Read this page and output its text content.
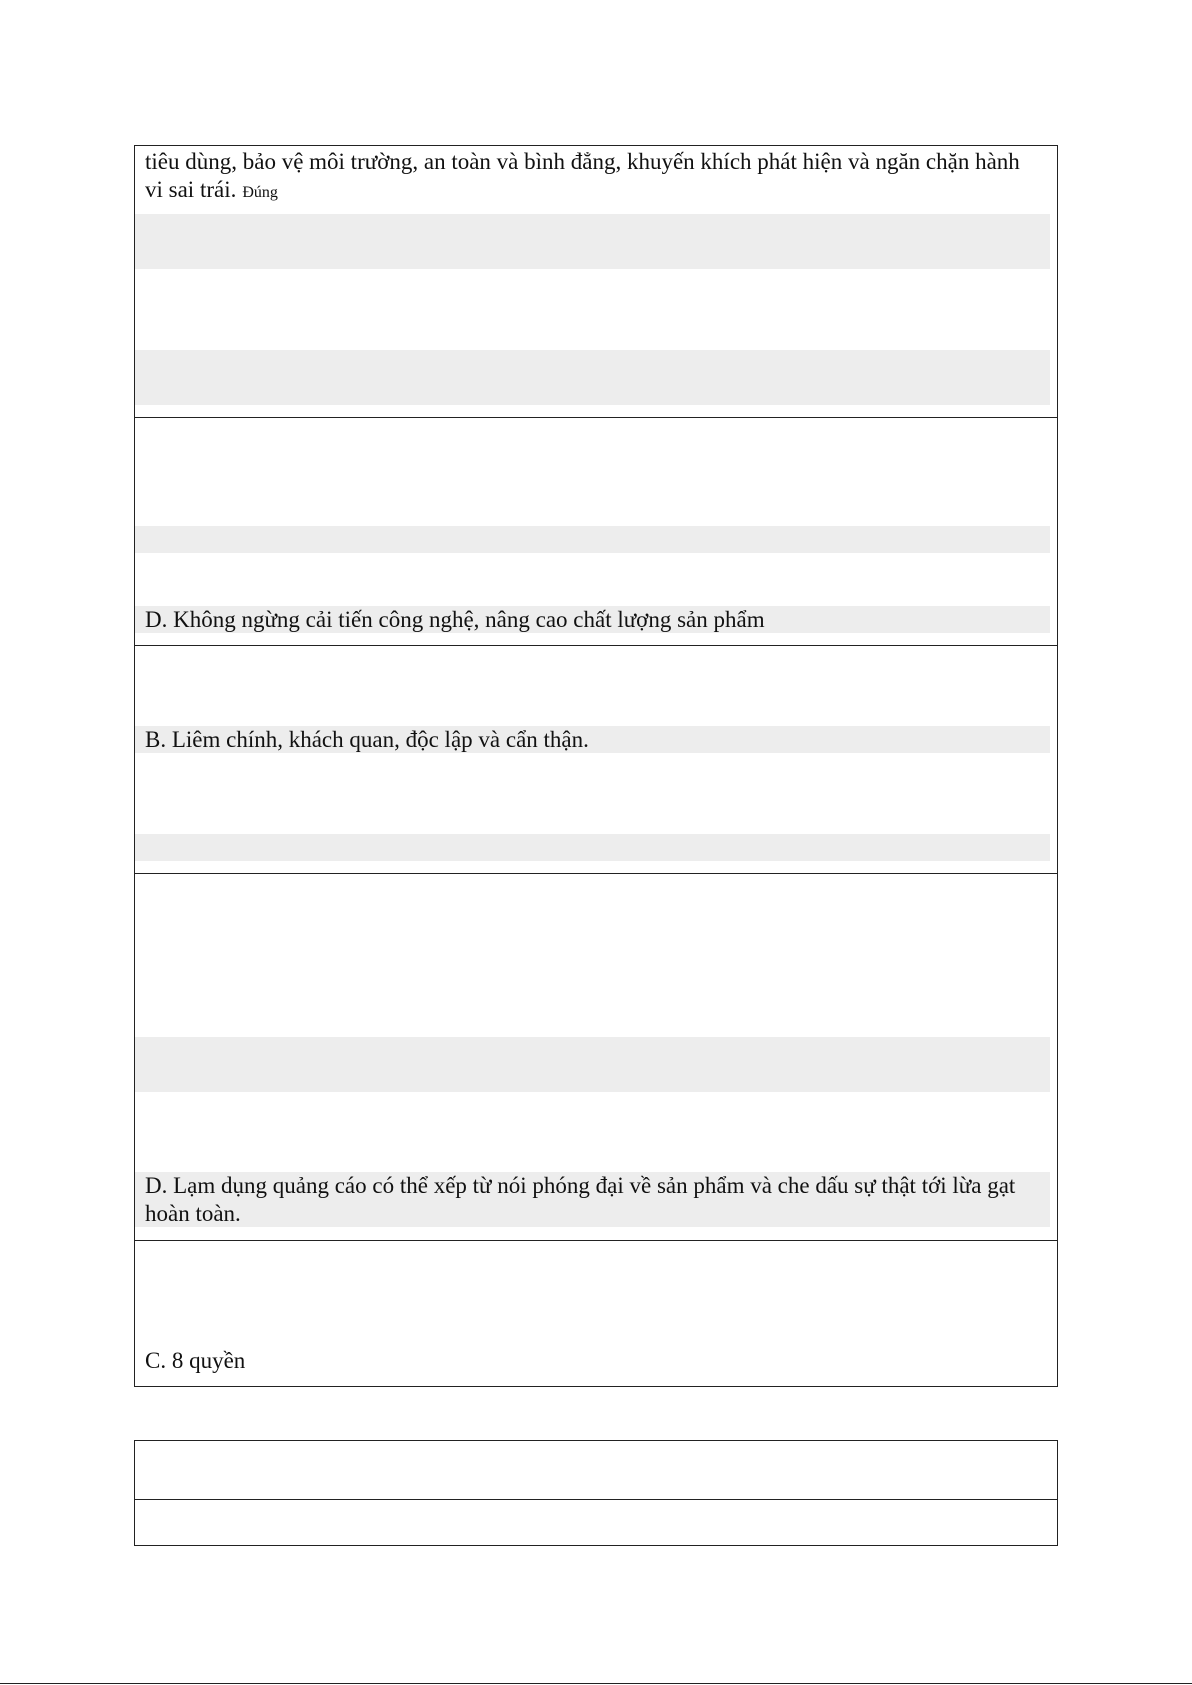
tiêu dùng, bảo vệ môi trường, an toàn và bình đẳng, khuyến khích phát hiện và ngăn chặn hành vi sai trái. Đúng
D. Không ngừng cải tiến công nghệ, nâng cao chất lượng sản phẩm
B. Liêm chính, khách quan, độc lập và cẩn thận.
D. Lạm dụng quảng cáo có thể xếp từ nói phóng đại về sản phẩm và che dấu sự thật tới lừa gạt hoàn toàn.
C. 8 quyền
